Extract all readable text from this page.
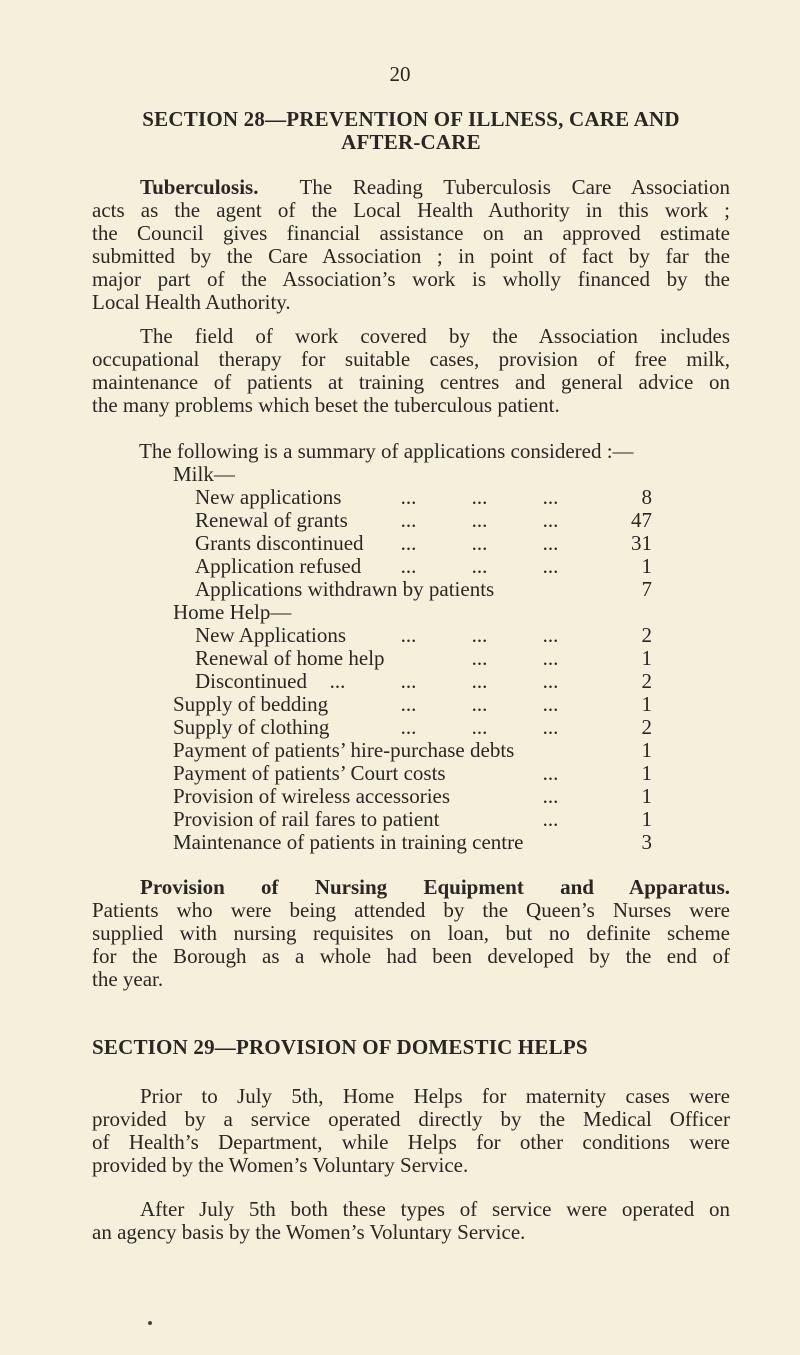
20
SECTION 28—PREVENTION OF ILLNESS, CARE AND
AFTER-CARE
Tuberculosis. The Reading Tuberculosis Care Association
acts as the agent of the Local Health Authority in this work ;
the Council gives financial assistance on an approved estimate
submitted by the Care Association ; in point of fact by far the
major part of the Association’s work is wholly financed by the
Local Health Authority.
The field of work covered by the Association includes
occupational therapy for suitable cases, provision of free milk,
maintenance of patients at training centres and general advice on
the many problems which beset the tuberculous patient.
The following is a summary of applications considered :—
Milk—
New applications	...	...	...	8
Renewal of grants	...	...	...	47
Grants discontinued	...	...	...	31
Application refused	...	...	...	1
Applications withdrawn by patients	7
Home Help—
New Applications	...	...	...	2
Renewal of home help	...	...	1
Discontinued	...	...	...	...	2
Supply of bedding	...	...	...	1
Supply of clothing	...	...	...	2
Payment of patients’ hire-purchase debts	1
Payment of patients’ Court costs	...	1
Provision of wireless accessories	...	1
Provision of rail fares to patient	...	1
Maintenance of patients in training centre	3
Provision of Nursing Equipment and Apparatus.
Patients who were being attended by the Queen’s Nurses were
supplied with nursing requisites on loan, but no definite scheme
for the Borough as a whole had been developed by the end of
the year.
SECTION 29—PROVISION OF DOMESTIC HELPS
Prior to July 5th, Home Helps for maternity cases were
provided by a service operated directly by the Medical Officer
of Health’s Department, while Helps for other conditions were
provided by the Women’s Voluntary Service.
After July 5th both these types of service were operated on
an agency basis by the Women’s Voluntary Service.
